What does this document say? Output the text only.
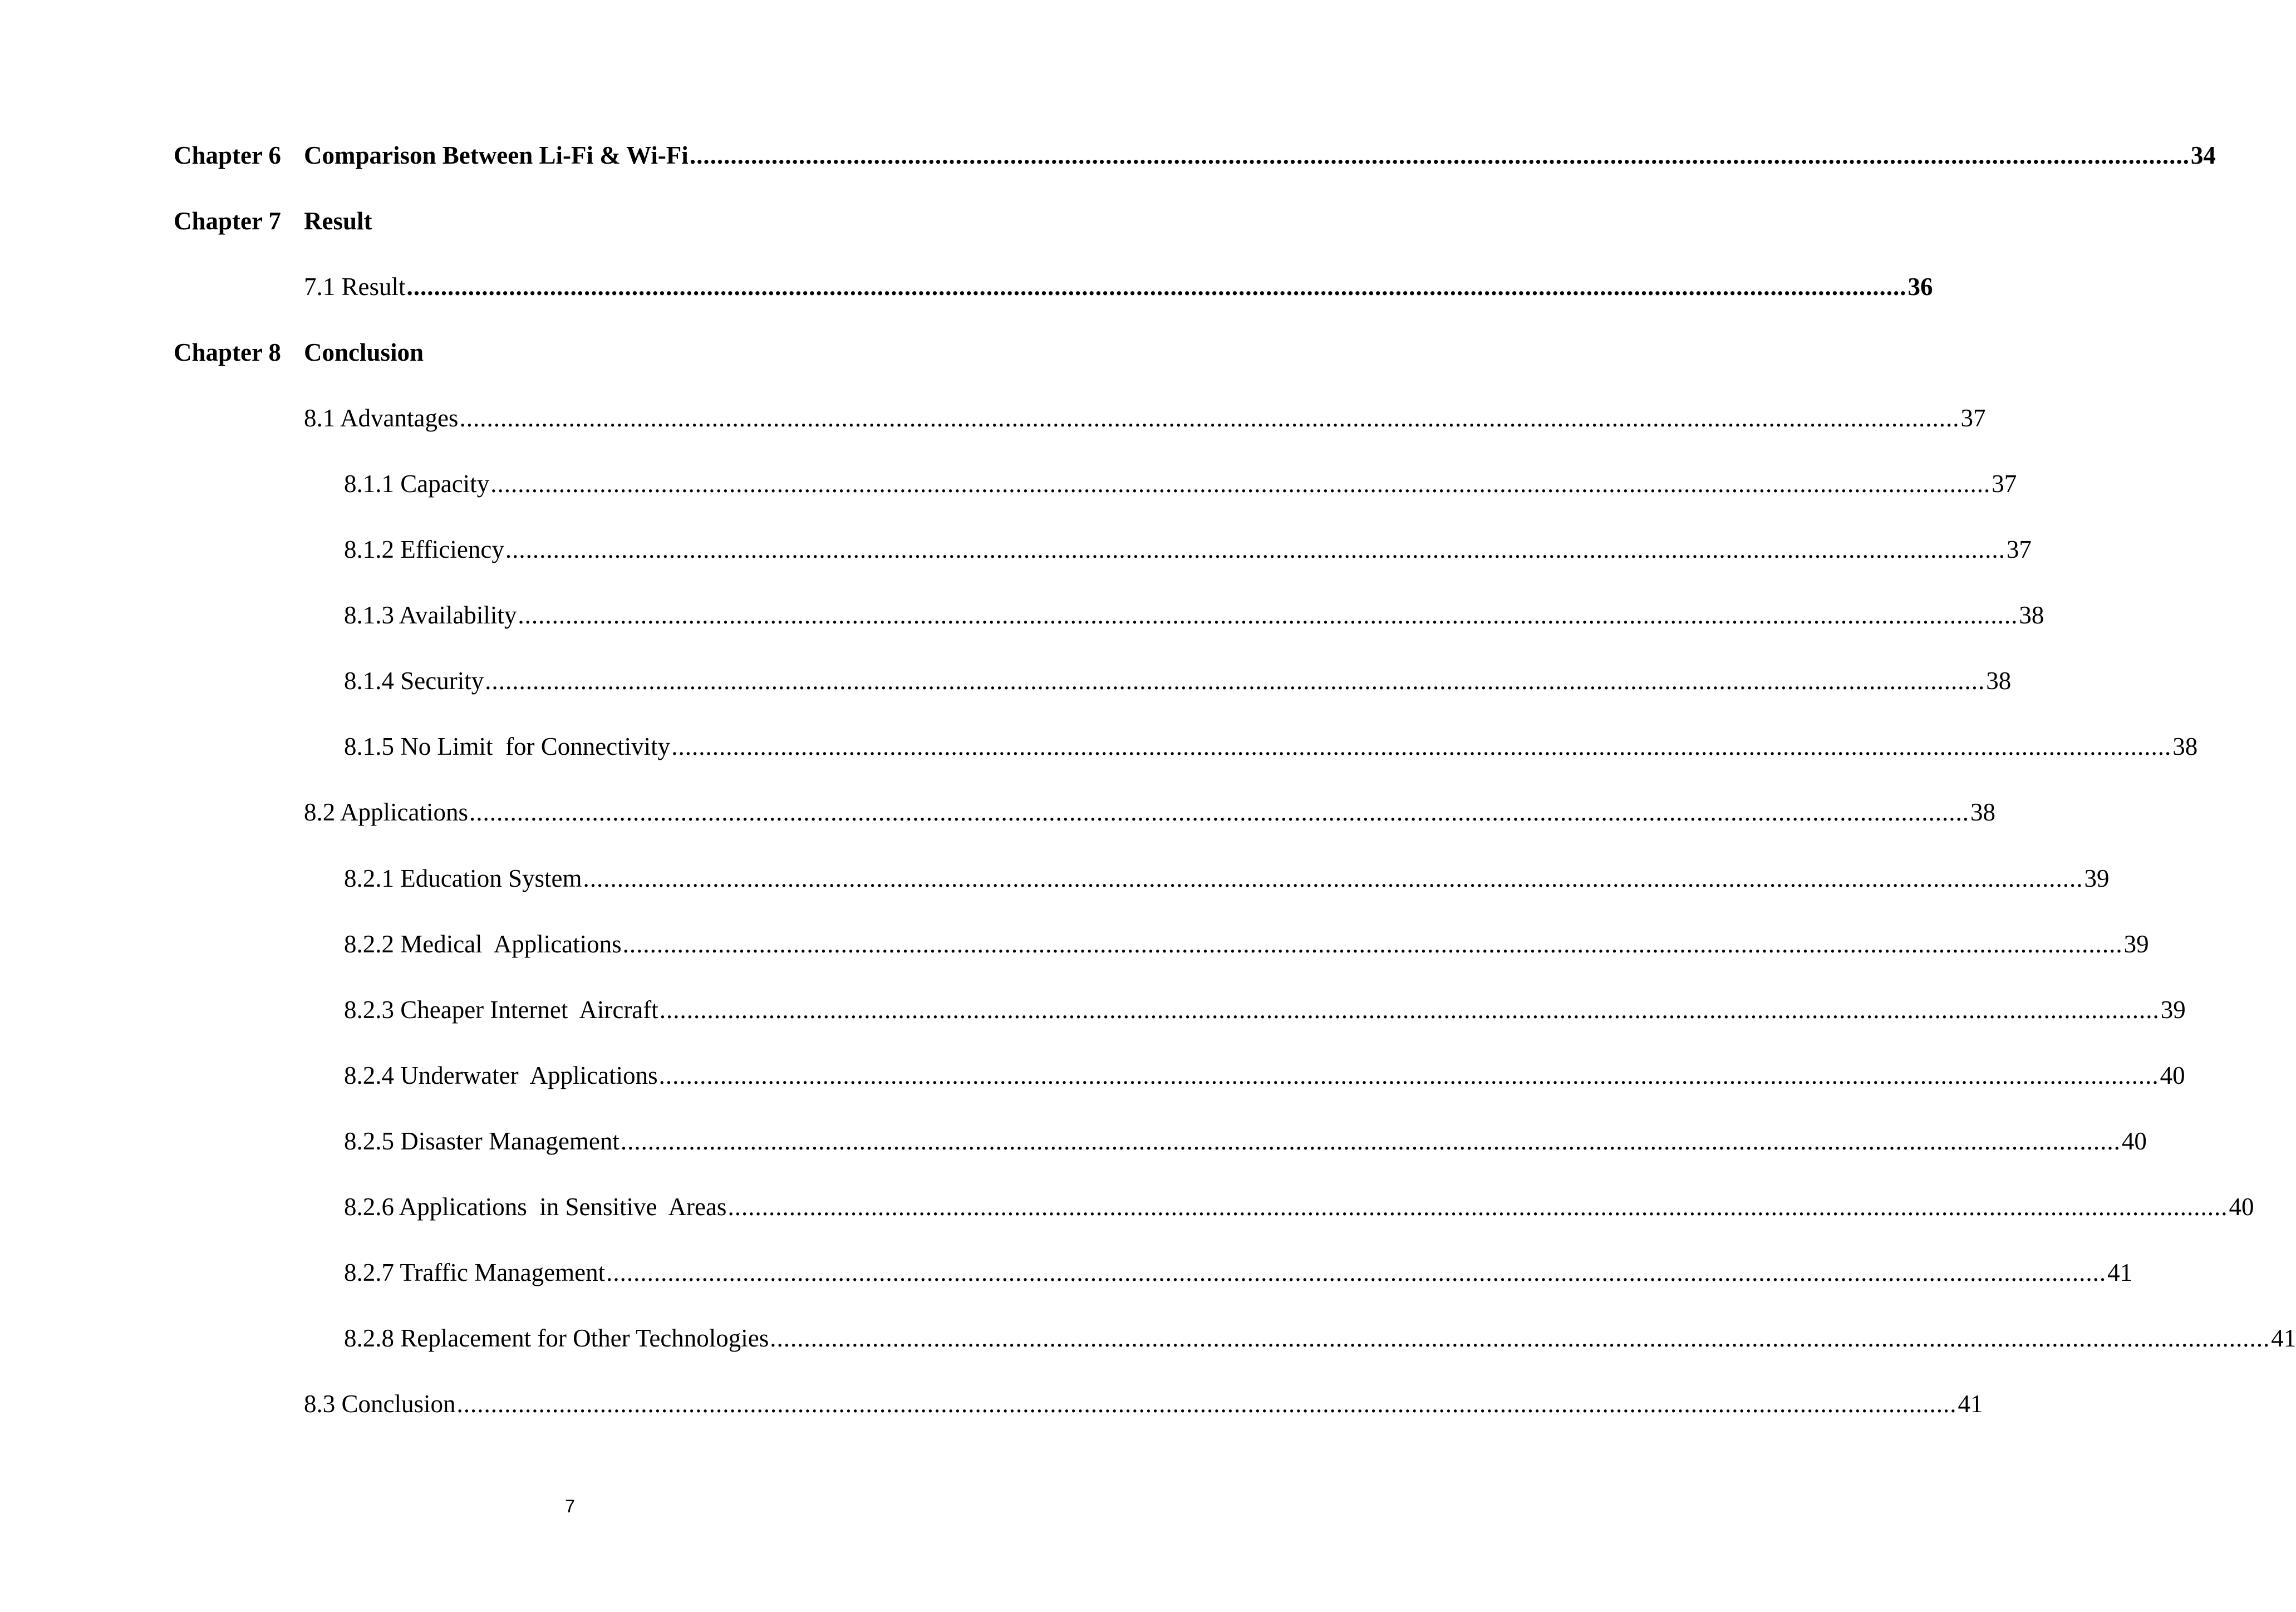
Chapter 6 Comparison Between Li-Fi & Wi-Fi ............................................................................................................................................................................................................................ 34
Chapter 7 Result
7.1 Result ............................................................................................................................................................................................................................ 36
Chapter 8 Conclusion
8.1 Advantages ............................................................................................................................................................................................................................ 37
8.1.1 Capacity ............................................................................................................................................................................................................................ 37
8.1.2 Efficiency ............................................................................................................................................................................................................................ 37
8.1.3 Availability ............................................................................................................................................................................................................................ 38
8.1.4 Security ............................................................................................................................................................................................................................ 38
8.1.5 No Limit  for Connectivity ............................................................................................................................................................................................................................ 38
8.2 Applications ............................................................................................................................................................................................................................ 38
8.2.1 Education System ............................................................................................................................................................................................................................ 39
8.2.2 Medical  Applications ............................................................................................................................................................................................................................ 39
8.2.3 Cheaper Internet  Aircraft ............................................................................................................................................................................................................................ 39
8.2.4 Underwater  Applications ............................................................................................................................................................................................................................ 40
8.2.5 Disaster Management ............................................................................................................................................................................................................................ 40
8.2.6 Applications  in Sensitive  Areas ............................................................................................................................................................................................................................ 40
8.2.7 Traffic Management ............................................................................................................................................................................................................................ 41
8.2.8 Replacement for Other Technologies ............................................................................................................................................................................................................................ 41
8.3 Conclusion ............................................................................................................................................................................................................................ 41
7
